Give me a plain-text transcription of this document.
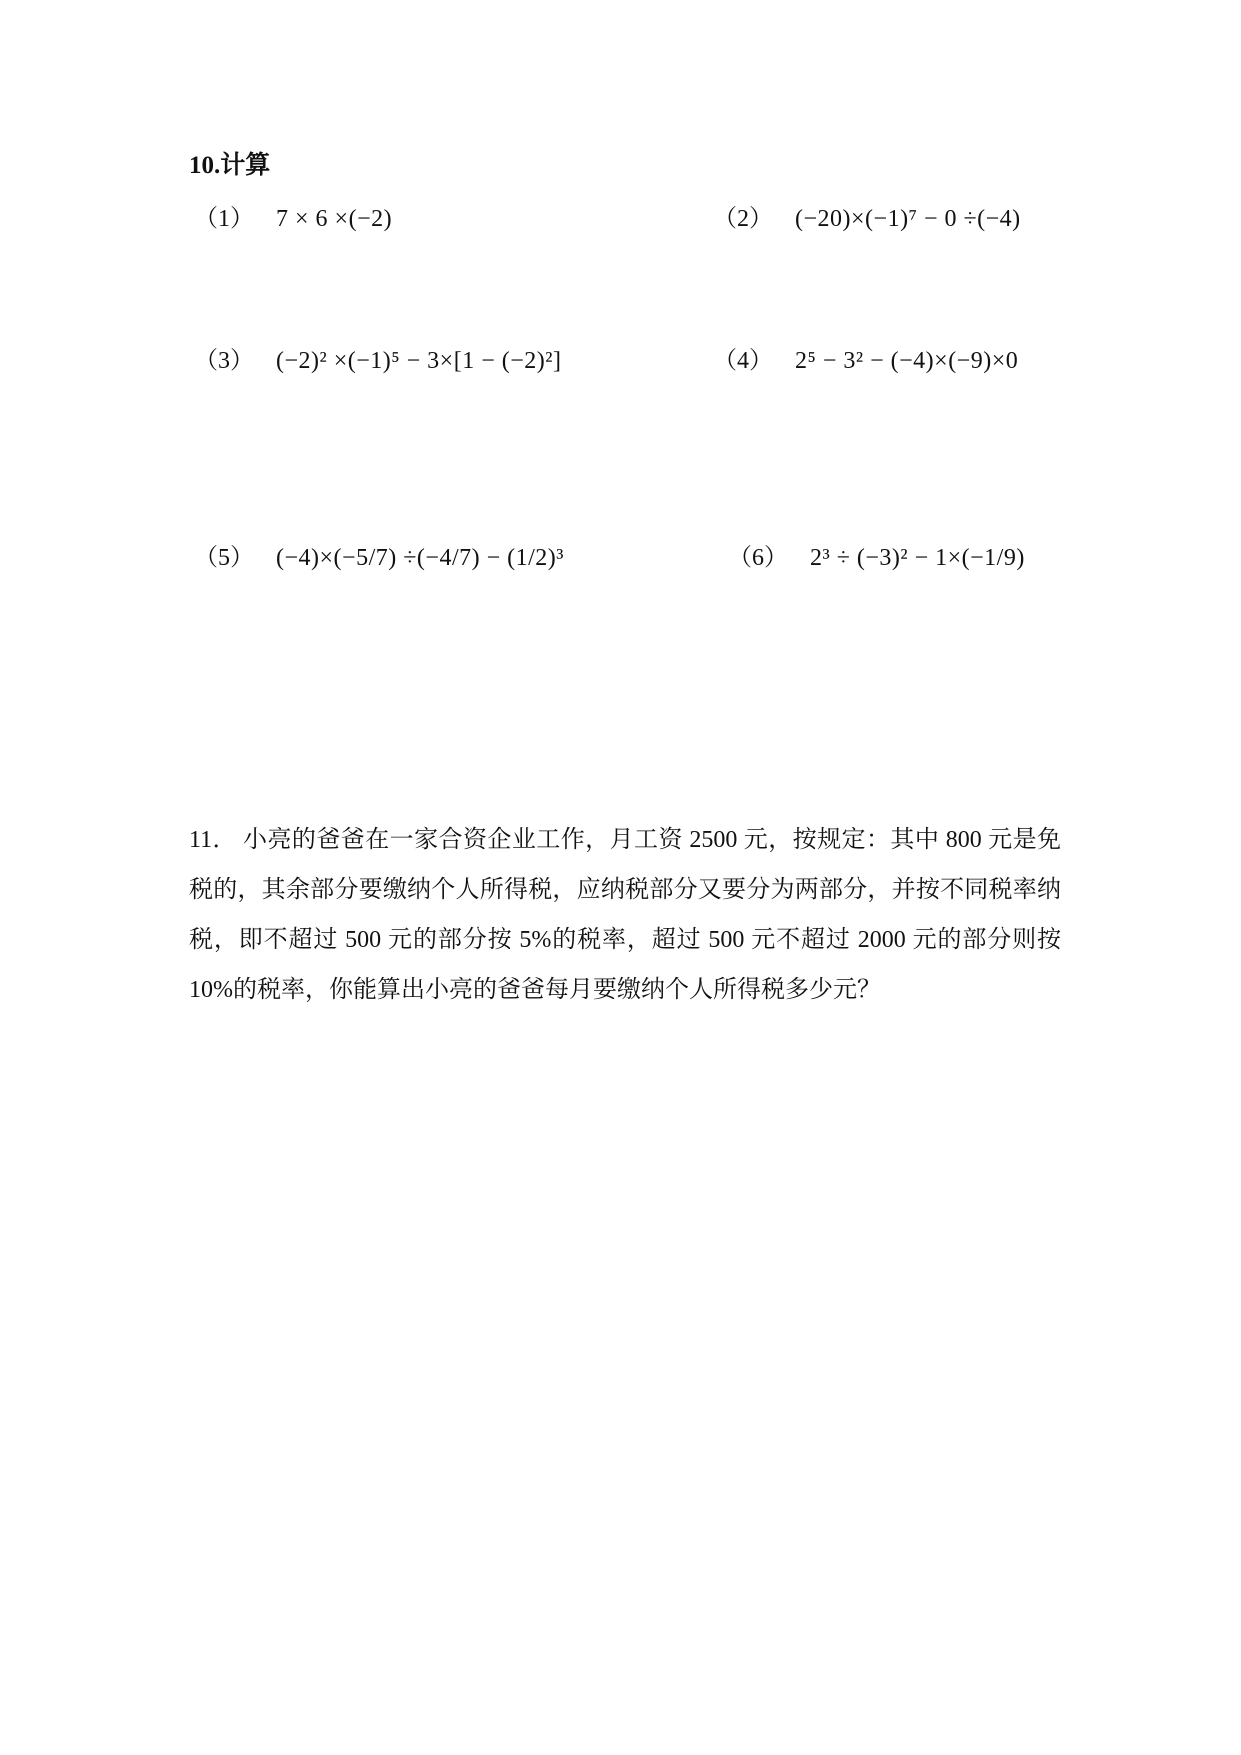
10.计算
（1） 7 × 6 ×(−2)	（2） (−20)×(−1)⁷ − 0 ÷(−4)
（3） (−2)² ×(−1)⁵ − 3×[1 − (−2)²]	（4） 2⁵ − 3² − (−4)×(−9)×0
（5） (−4)×(−5/7) ÷(−4/7) − (1/2)³	（6） 2³ ÷ (−3)² − 1×(−1/9)
11． 小亮的爸爸在一家合资企业工作，月工资 2500 元，按规定：其中 800 元是免税的，其余部分要缴纳个人所得税，应纳税部分又要分为两部分，并按不同税率纳税，即不超过 500 元的部分按 5%的税率，超过 500 元不超过 2000 元的部分则按 10%的税率，你能算出小亮的爸爸每月要缴纳个人所得税多少元？
